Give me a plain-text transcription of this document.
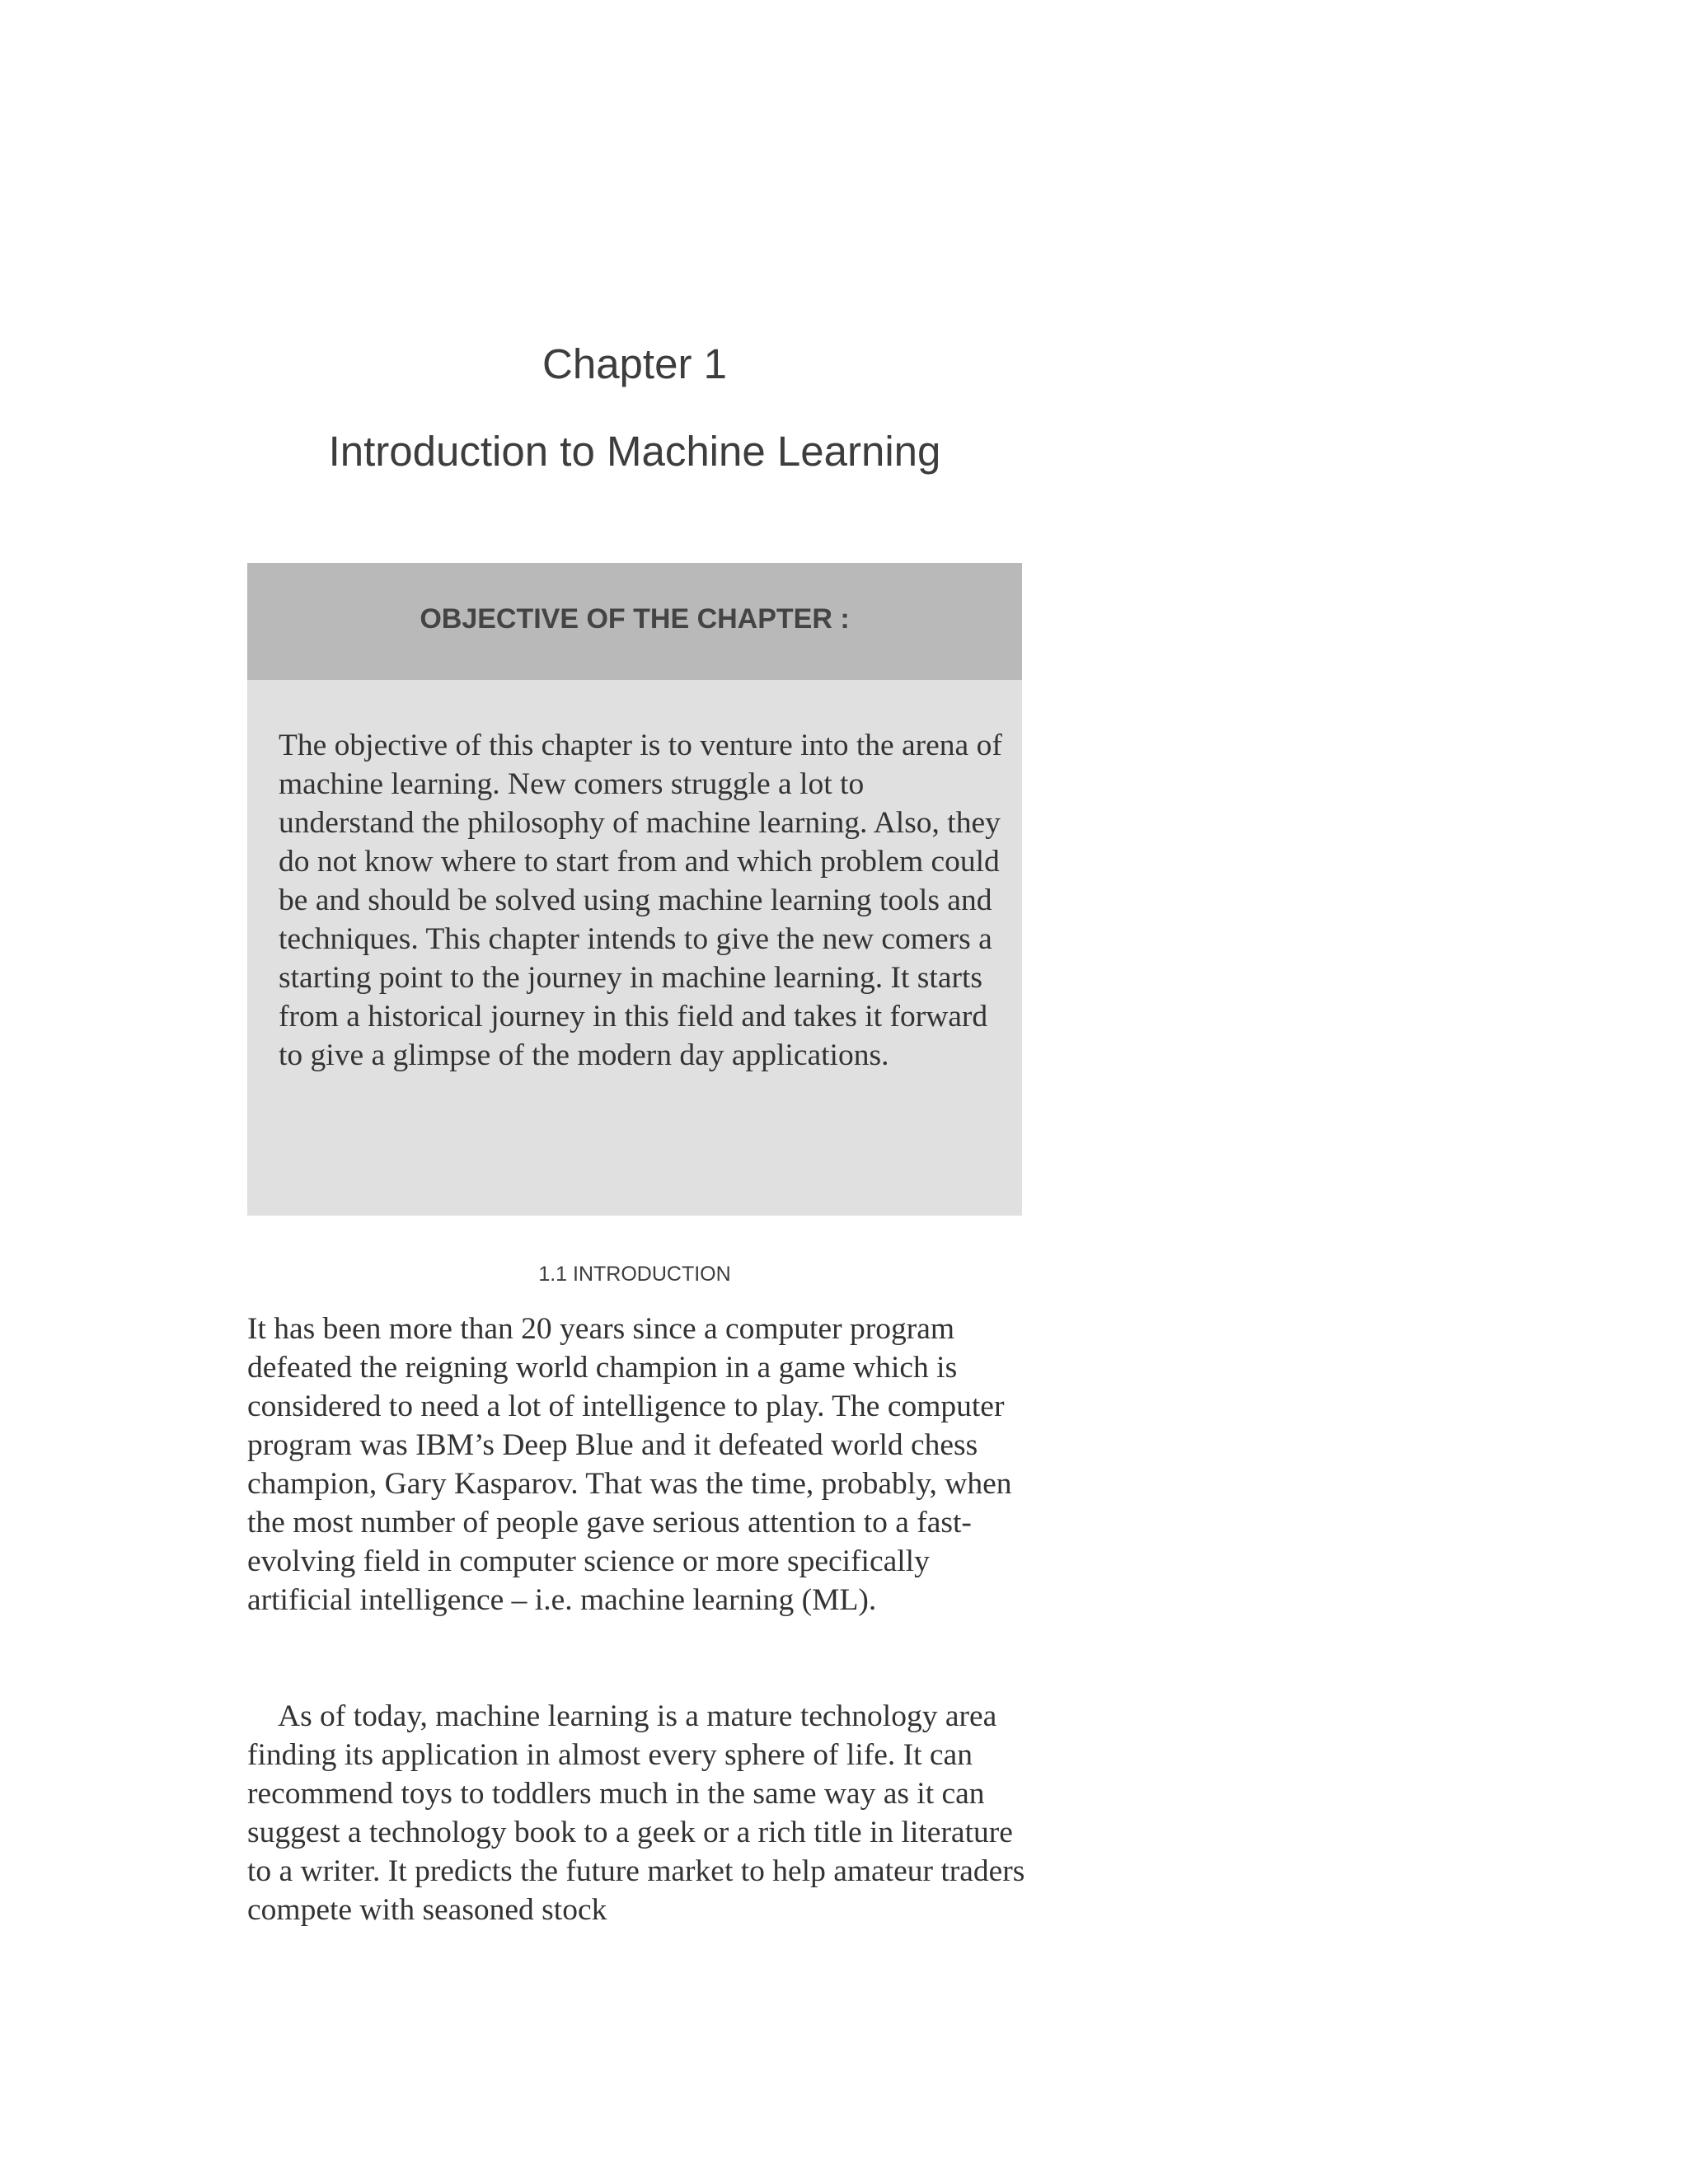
Chapter 1
Introduction to Machine Learning
OBJECTIVE OF THE CHAPTER :

The objective of this chapter is to venture into the arena of machine learning. New comers struggle a lot to understand the philosophy of machine learning. Also, they do not know where to start from and which problem could be and should be solved using machine learning tools and techniques. This chapter intends to give the new comers a starting point to the journey in machine learning. It starts from a historical journey in this field and takes it forward to give a glimpse of the modern day applications.

1.1 INTRODUCTION

It has been more than 20 years since a computer program defeated the reigning world champion in a game which is considered to need a lot of intelligence to play. The computer program was IBM’s Deep Blue and it defeated world chess champion, Gary Kasparov. That was the time, probably, when the most number of people gave serious attention to a fast-evolving field in computer science or more specifically artificial intelligence – i.e. machine learning (ML).

As of today, machine learning is a mature technology area finding its application in almost every sphere of life. It can recommend toys to toddlers much in the same way as it can suggest a technology book to a geek or a rich title in literature to a writer. It predicts the future market to help amateur traders compete with seasoned stock
